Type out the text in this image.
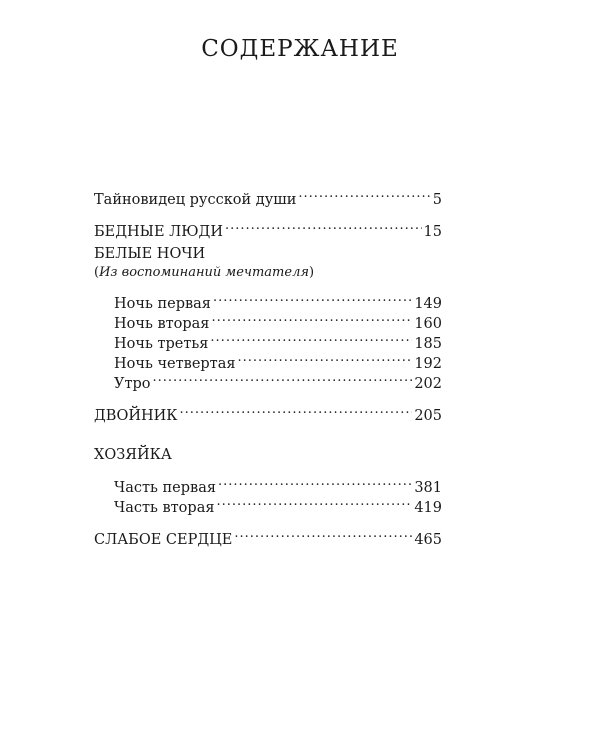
СОДЕРЖАНИЕ
Тайновидец русской души .....	5
БЕДНЫЕ ЛЮДИ .....	15
БЕЛЫЕ НОЧИ
(Из воспоминаний мечтателя)
Ночь первая .....	149
Ночь вторая .....	160
Ночь третья .....	185
Ночь четвертая .....	192
Утро .....	202
ДВОЙНИК .....	205
ХОЗЯЙКА
Часть первая .....	381
Часть вторая .....	419
СЛАБОЕ СЕРДЦЕ .....	465
